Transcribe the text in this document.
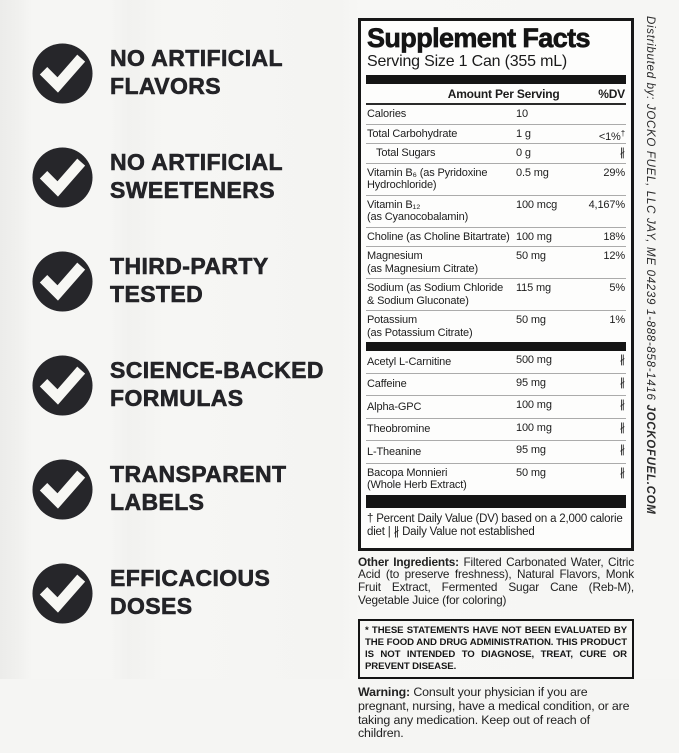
NO ARTIFICIAL
FLAVORS
NO ARTIFICIAL
SWEETENERS
THIRD-PARTY
TESTED
SCIENCE-BACKED
FORMULAS
TRANSPARENT
LABELS
EFFICACIOUS
DOSES
Supplement Facts
Serving Size 1 Can (355 mL)
Amount Per Serving	%DV
Calories	10
Total Carbohydrate	1 g	<1%†
Total Sugars	0 g	∦
Vitamin B₆ (as Pyridoxine
Hydrochloride)
0.5 mg	29%
Vitamin B₁₂
(as Cyanocobalamin)
100 mcg	4,167%
Choline (as Choline Bitartrate) 100 mg	18%
Magnesium
(as Magnesium Citrate)
50 mg	12%
Sodium (as Sodium Chloride
& Sodium Gluconate)
115 mg	5%
Potassium
(as Potassium Citrate)
50 mg	1%
Acetyl L-Carnitine	500 mg	∦
Caffeine	95 mg	∦
Alpha-GPC	100 mg	∦
Theobromine	100 mg	∦
L-Theanine	95 mg	∦
Bacopa Monnieri
(Whole Herb Extract)
50 mg	∦
† Percent Daily Value (DV) based on a 2,000 calorie diet | ∦ Daily Value not established

Other Ingredients: Filtered Carbonated Water, Citric Acid (to preserve freshness), Natural Flavors, Monk Fruit Extract, Fermented Sugar Cane (Reb-M), Vegetable Juice (for coloring)

* THESE STATEMENTS HAVE NOT BEEN EVALUATED BY THE FOOD AND DRUG ADMINISTRATION. THIS PRODUCT IS NOT INTENDED TO DIAGNOSE, TREAT, CURE OR PREVENT DISEASE.

Warning: Consult your physician if you are pregnant, nursing, have a medical condition, or are taking any medication. Keep out of reach of children.

Distributed by: JOCKO FUEL, LLC JAY, ME 04239 1-888-858-1416 JOCKOFUEL.COM
